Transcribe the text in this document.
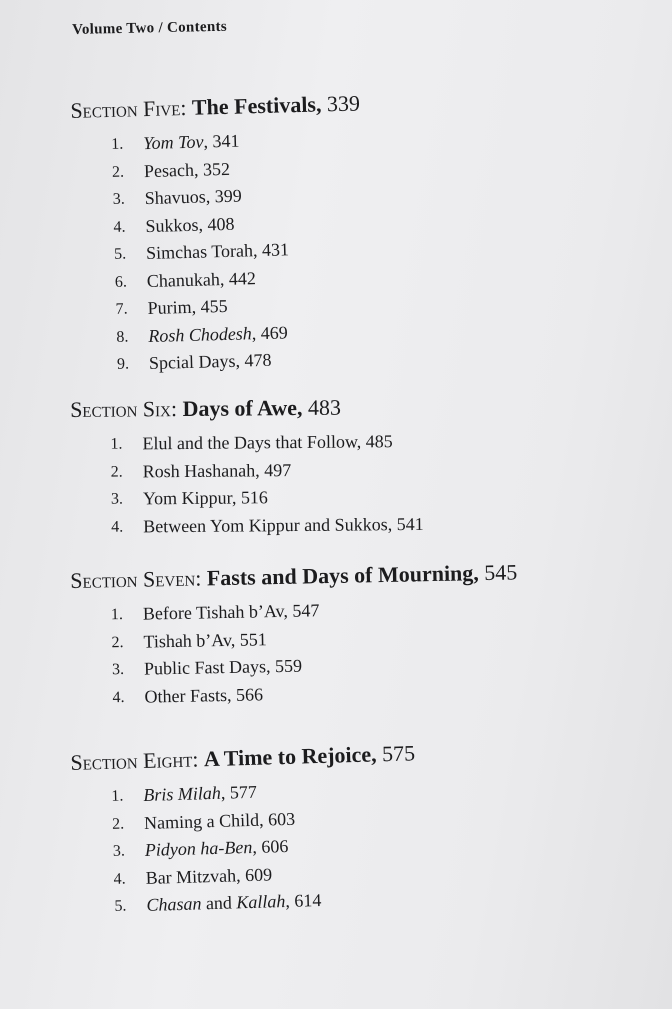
Volume Two / Contents
Section Five: The Festivals, 339
1.	Yom Tov, 341
2.	Pesach, 352
3.	Shavuos, 399
4.	Sukkos, 408
5.	Simchas Torah, 431
6.	Chanukah, 442
7.	Purim, 455
8.	Rosh Chodesh, 469
9.	Spcial Days, 478
Section Six: Days of Awe, 483
1.	Elul and the Days that Follow, 485
2.	Rosh Hashanah, 497
3.	Yom Kippur, 516
4.	Between Yom Kippur and Sukkos, 541
Section Seven: Fasts and Days of Mourning, 545
1.	Before Tishah b’Av, 547
2.	Tishah b’Av, 551
3.	Public Fast Days, 559
4.	Other Fasts, 566
Section Eight: A Time to Rejoice, 575
1.	Bris Milah, 577
2.	Naming a Child, 603
3.	Pidyon ha-Ben, 606
4.	Bar Mitzvah, 609
5.	Chasan and Kallah, 614
